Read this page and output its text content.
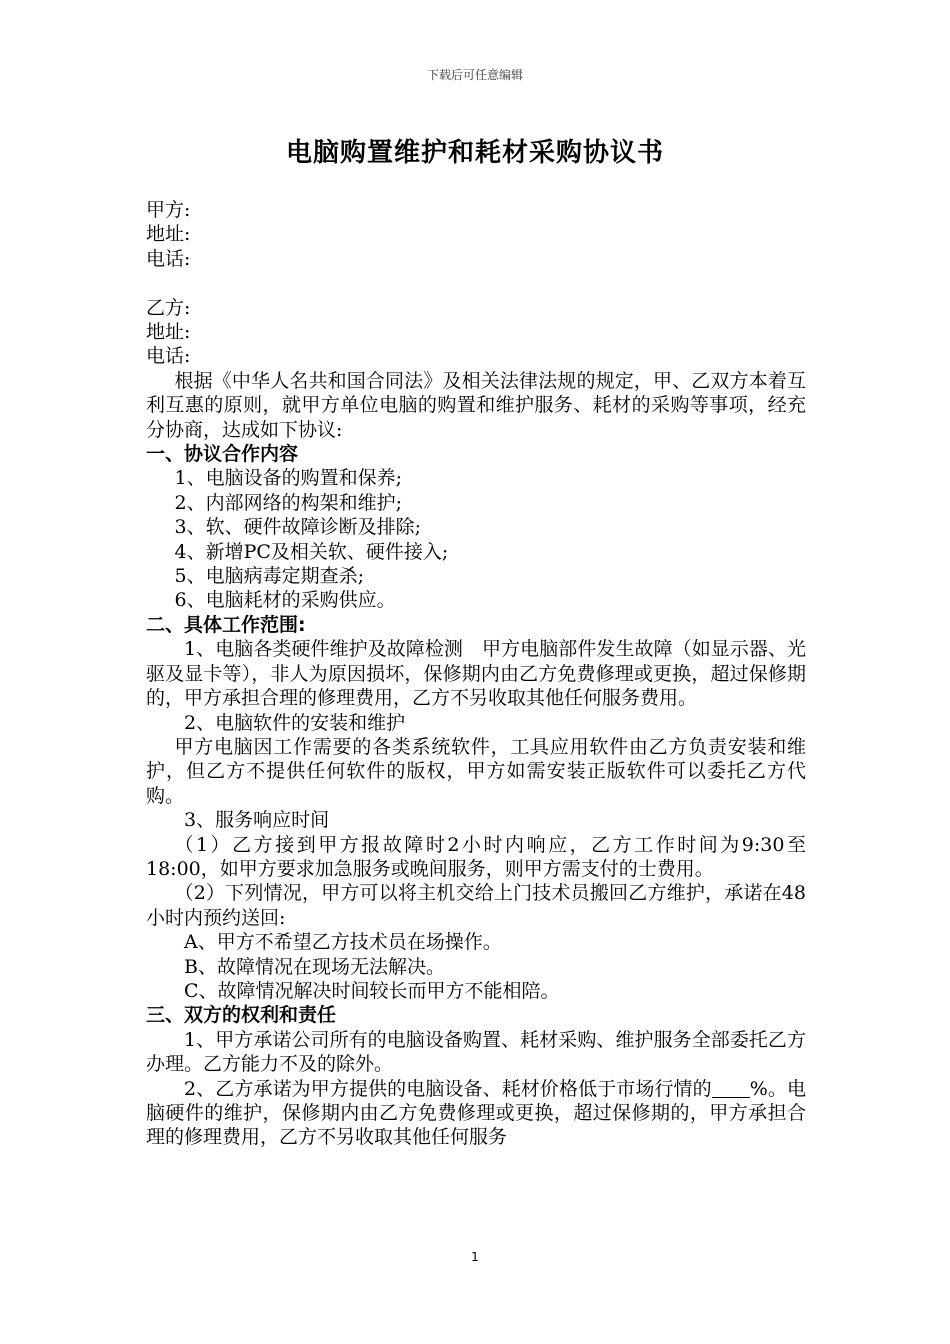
下载后可任意编辑
电脑购置维护和耗材采购协议书

甲方:

地址:

电话:

乙方:

地址:

电话:

根据《中华人名共和国合同法》及相关法律法规的规定，甲、乙双方本着互利互惠的原则，就甲方单位电脑的购置和维护服务、耗材的采购等事项，经充分协商，达成如下协议:

一、协议合作内容

1、电脑设备的购置和保养;

2、内部网络的构架和维护;

3、软、硬件故障诊断及排除;

4、新增PC及相关软、硬件接入;

5、电脑病毒定期查杀;

6、电脑耗材的采购供应。

二、具体工作范围:

1、电脑各类硬件维护及故障检测　甲方电脑部件发生故障（如显示器、光驱及显卡等），非人为原因损坏，保修期内由乙方免费修理或更换，超过保修期的，甲方承担合理的修理费用，乙方不另收取其他任何服务费用。

2、电脑软件的安装和维护

甲方电脑因工作需要的各类系统软件，工具应用软件由乙方负责安装和维护，但乙方不提供任何软件的版权，甲方如需安装正版软件可以委托乙方代购。

3、服务响应时间

（1）乙方接到甲方报故障时2小时内响应，乙方工作时间为9:30至18:00，如甲方要求加急服务或晚间服务，则甲方需支付的士费用。

（2）下列情况，甲方可以将主机交给上门技术员搬回乙方维护，承诺在48小时内预约送回:

A、甲方不希望乙方技术员在场操作。

B、故障情况在现场无法解决。

C、故障情况解决时间较长而甲方不能相陪。

三、双方的权利和责任

1、甲方承诺公司所有的电脑设备购置、耗材采购、维护服务全部委托乙方办理。乙方能力不及的除外。

2、乙方承诺为甲方提供的电脑设备、耗材价格低于市场行情的 %。电脑硬件的维护，保修期内由乙方免费修理或更换，超过保修期的，甲方承担合理的修理费用，乙方不另收取其他任何服务

1
